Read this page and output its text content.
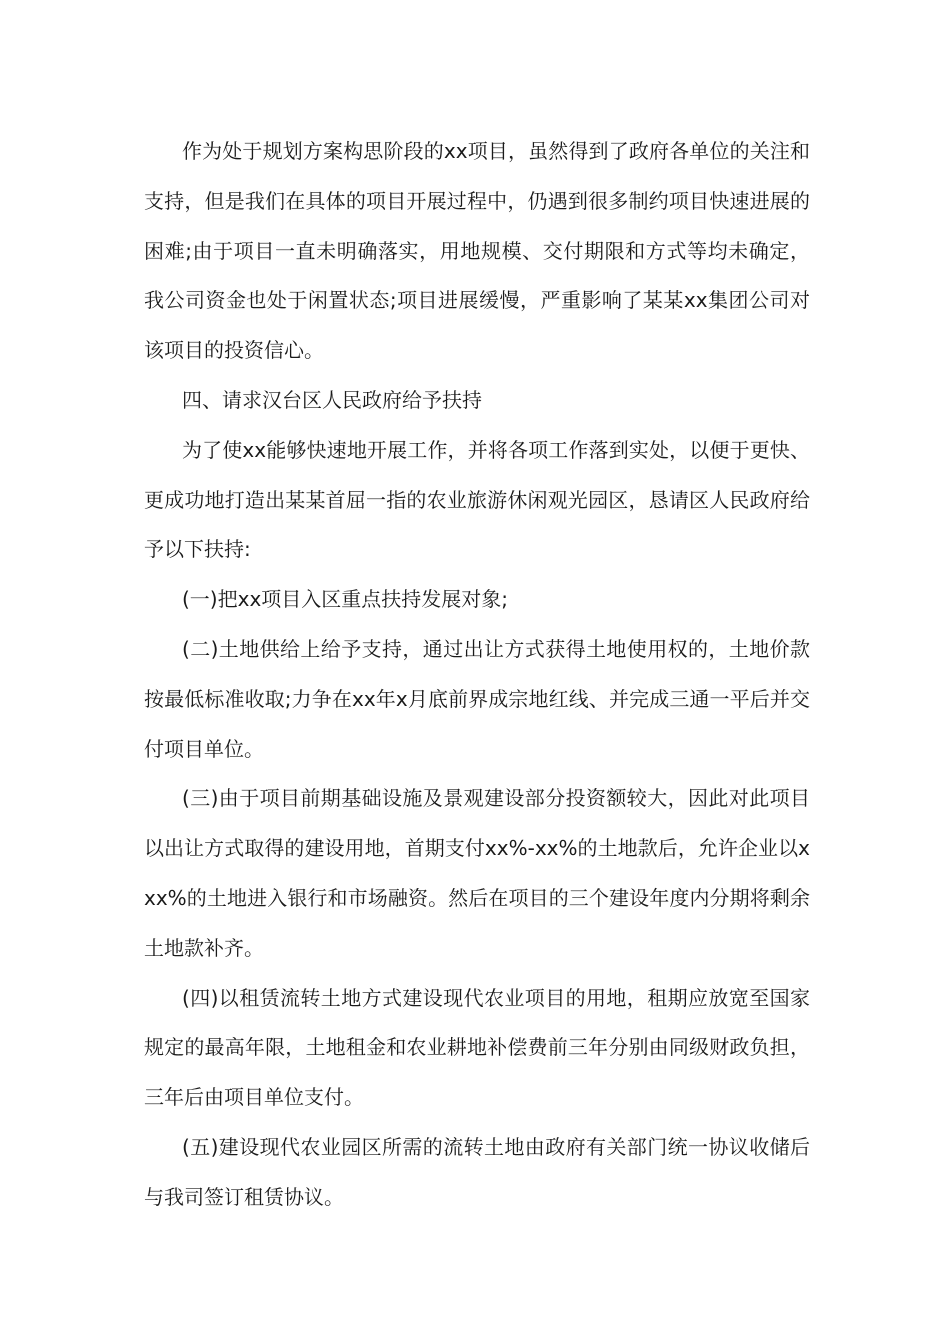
作为处于规划方案构思阶段的xx项目，虽然得到了政府各单位的关注和支持，但是我们在具体的项目开展过程中，仍遇到很多制约项目快速进展的困难;由于项目一直未明确落实，用地规模、交付期限和方式等均未确定，我公司资金也处于闲置状态;项目进展缓慢，严重影响了某某xx集团公司对该项目的投资信心。

四、请求汉台区人民政府给予扶持

为了使xx能够快速地开展工作，并将各项工作落到实处，以便于更快、更成功地打造出某某首屈一指的农业旅游休闲观光园区，恳请区人民政府给予以下扶持:

(一)把xx项目入区重点扶持发展对象;

(二)土地供给上给予支持，通过出让方式获得土地使用权的，土地价款按最低标准收取;力争在xx年x月底前界成宗地红线、并完成三通一平后并交付项目单位。

(三)由于项目前期基础设施及景观建设部分投资额较大，因此对此项目以出让方式取得的建设用地，首期支付xx%-xx%的土地款后，允许企业以xxx%的土地进入银行和市场融资。然后在项目的三个建设年度内分期将剩余土地款补齐。

(四)以租赁流转土地方式建设现代农业项目的用地，租期应放宽至国家规定的最高年限，土地租金和农业耕地补偿费前三年分别由同级财政负担，三年后由项目单位支付。

(五)建设现代农业园区所需的流转土地由政府有关部门统一协议收储后与我司签订租赁协议。
